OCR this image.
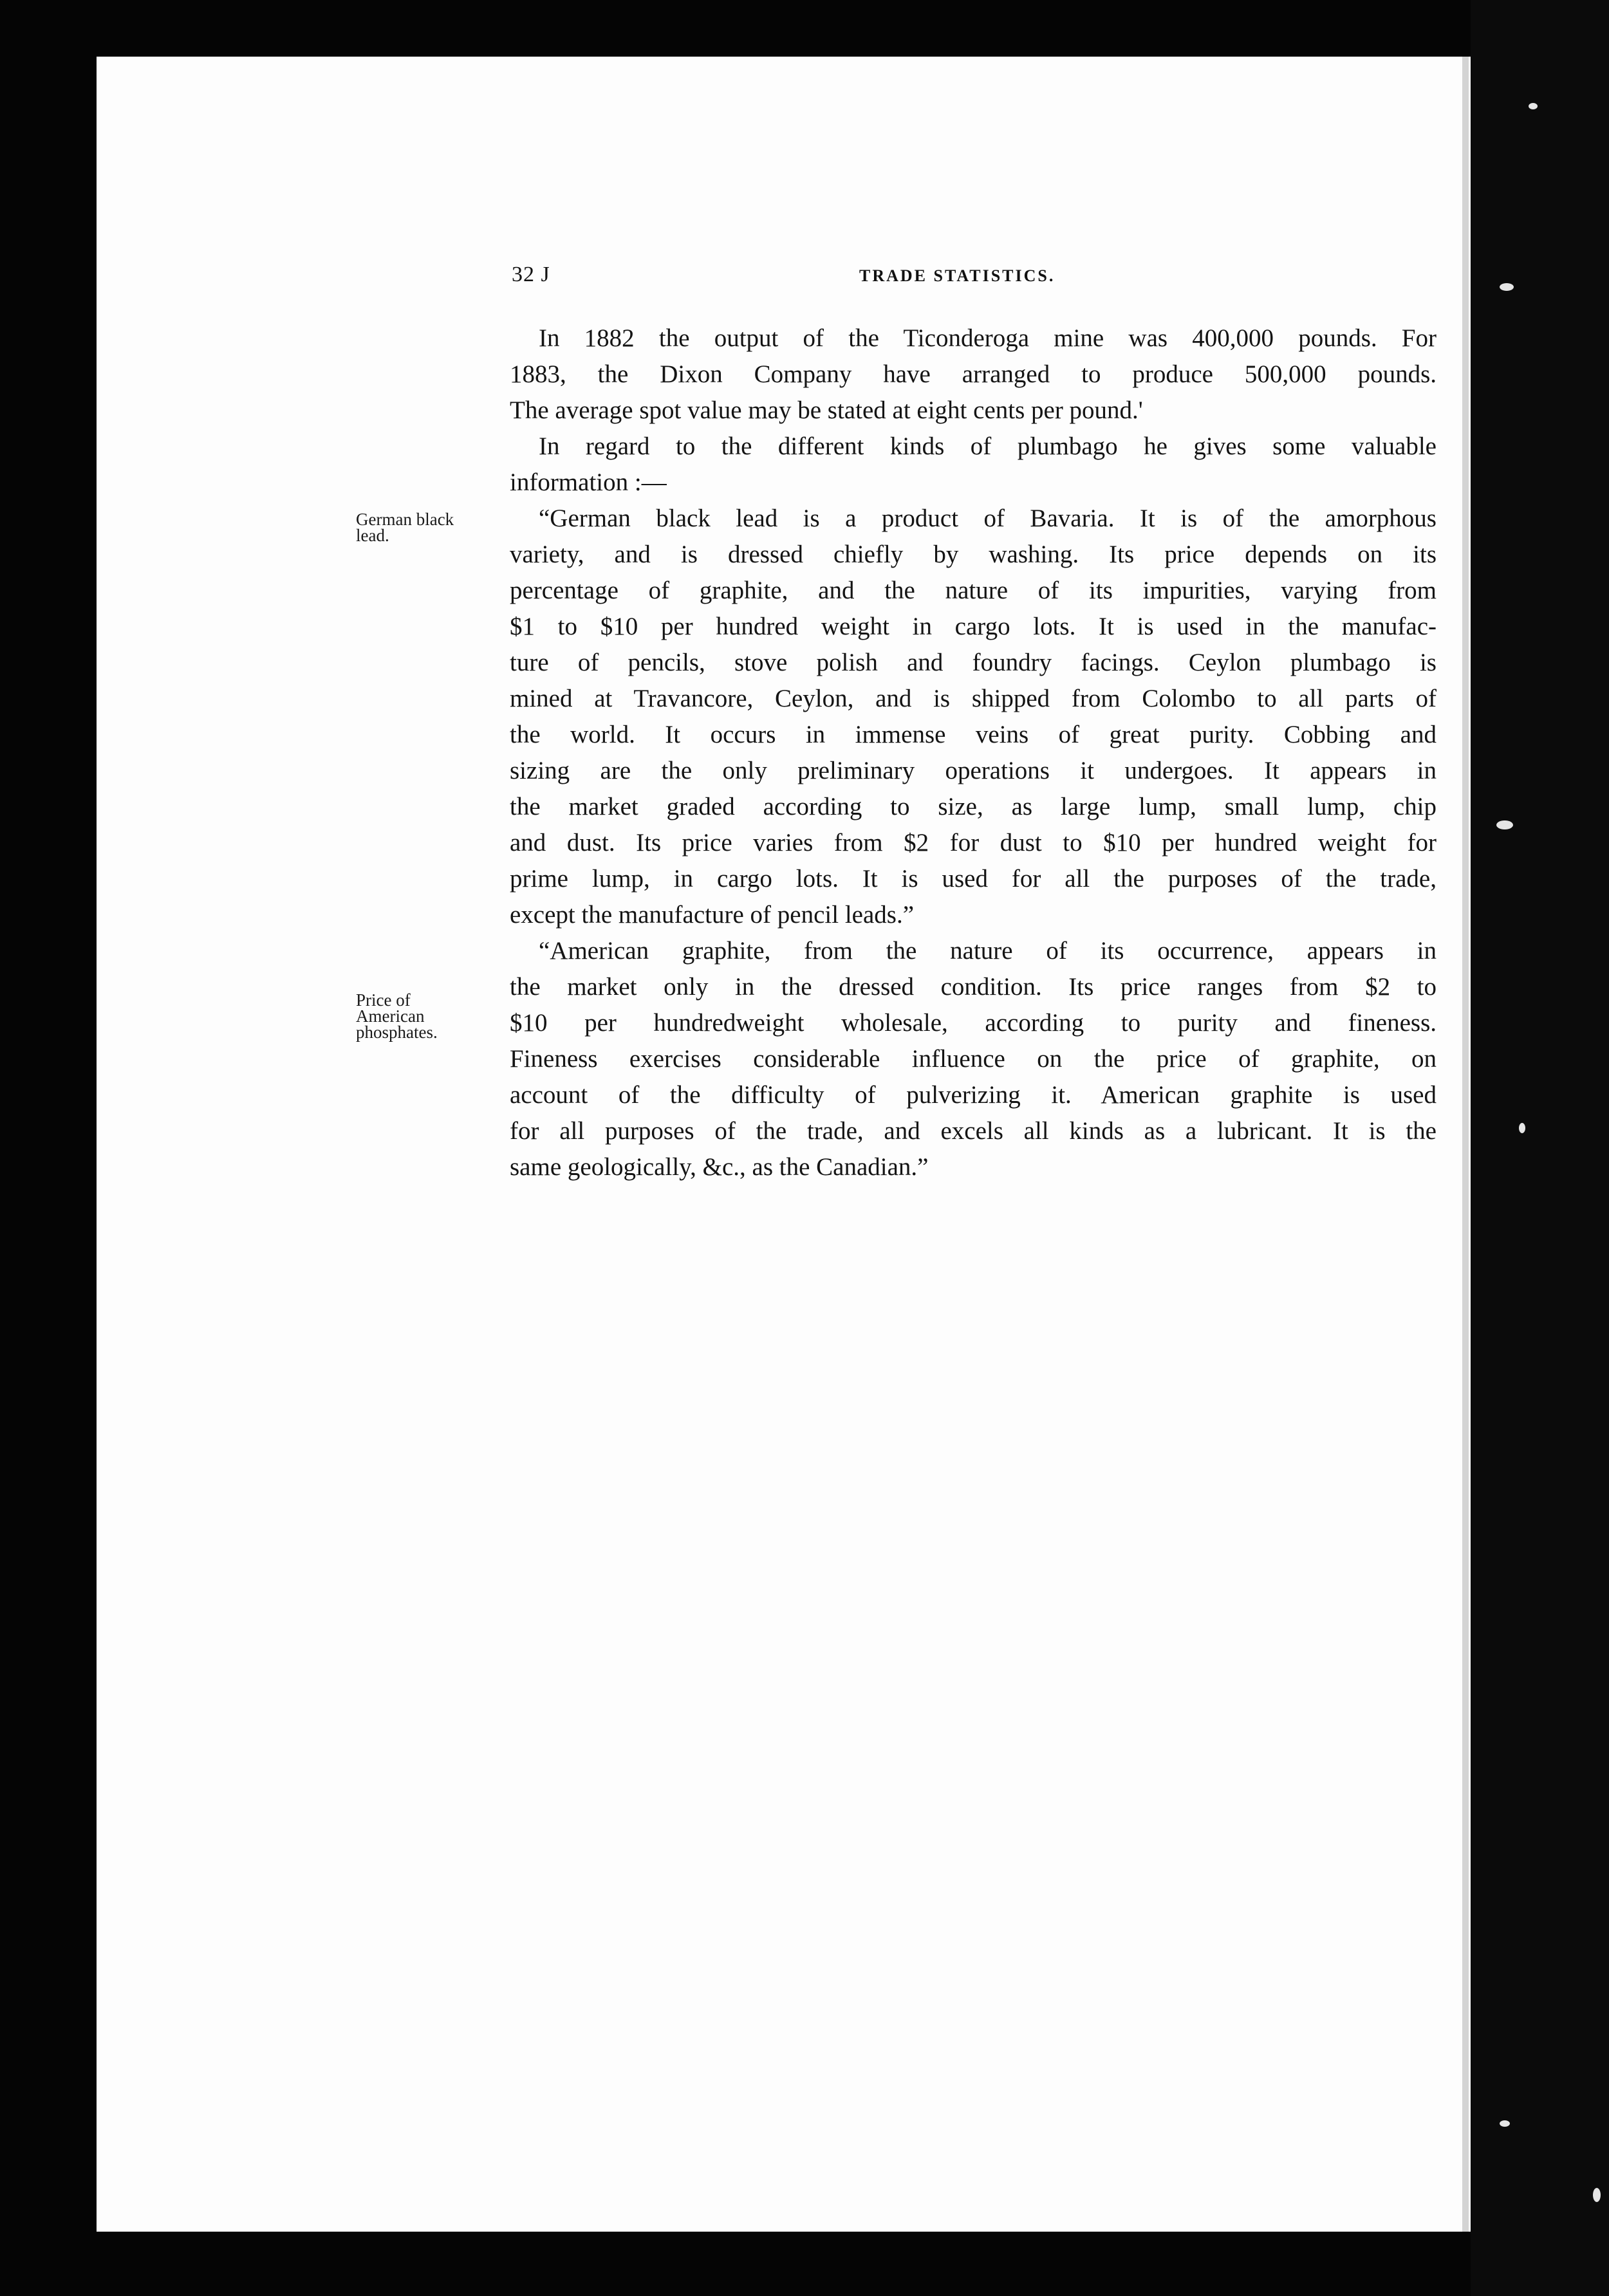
32 J	TRADE STATISTICS.
German black
lead.
Price of
American
phosphates.
In 1882 the output of the Ticonderoga mine was 400,000 pounds. For
1883, the Dixon Company have arranged to produce 500,000 pounds.
The average spot value may be stated at eight cents per pound.'
In regard to the different kinds of plumbago he gives some valuable
information :—
“German black lead is a product of Bavaria. It is of the amorphous
variety, and is dressed chiefly by washing. Its price depends on its
percentage of graphite, and the nature of its impurities, varying from
$1 to $10 per hundred weight in cargo lots. It is used in the manufac-
ture of pencils, stove polish and foundry facings. Ceylon plumbago is
mined at Travancore, Ceylon, and is shipped from Colombo to all parts of
the world. It occurs in immense veins of great purity. Cobbing and
sizing are the only preliminary operations it undergoes. It appears in
the market graded according to size, as large lump, small lump, chip
and dust. Its price varies from $2 for dust to $10 per hundred weight for
prime lump, in cargo lots. It is used for all the purposes of the trade,
except the manufacture of pencil leads.”
“American graphite, from the nature of its occurrence, appears in
the market only in the dressed condition. Its price ranges from $2 to
$10 per hundredweight wholesale, according to purity and fineness.
Fineness exercises considerable influence on the price of graphite, on
account of the difficulty of pulverizing it. American graphite is used
for all purposes of the trade, and excels all kinds as a lubricant. It is the
same geologically, &c., as the Canadian.”
